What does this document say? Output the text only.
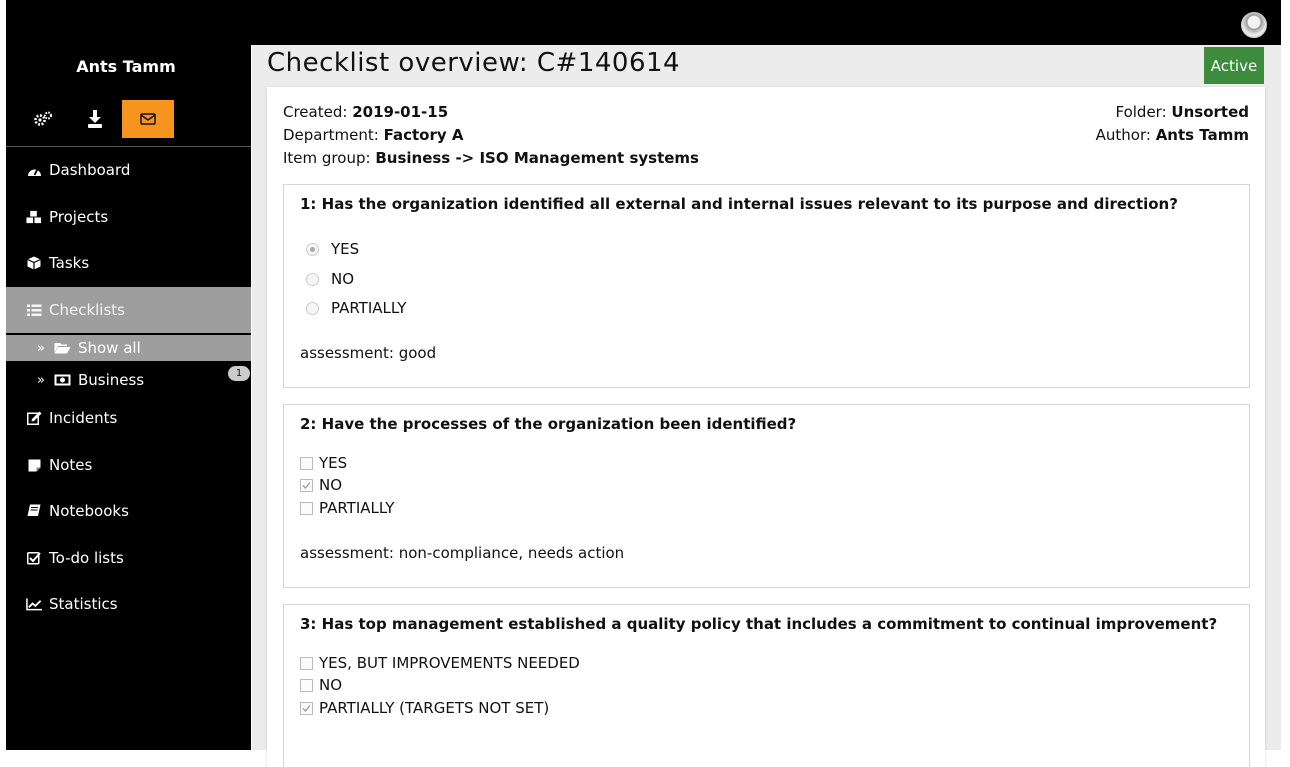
Ants Tamm
Dashboard
Projects
Tasks
Checklists
» Show all
» Business	1
Incidents
Notes
Notebooks
To-do lists
Statistics
Checklist overview: C#140614	Active
Created: 2019-01-15
Department: Factory A
Item group: Business -> ISO Management systems
Folder: Unsorted
Author: Ants Tamm
1: Has the organization identified all external and internal issues relevant to its purpose and direction?
YES
NO
PARTIALLY
assessment: good
2: Have the processes of the organization been identified?
YES
NO
PARTIALLY
assessment: non-compliance, needs action
3: Has top management established a quality policy that includes a commitment to continual improvement?
YES, BUT IMPROVEMENTS NEEDED
NO
PARTIALLY (TARGETS NOT SET)
